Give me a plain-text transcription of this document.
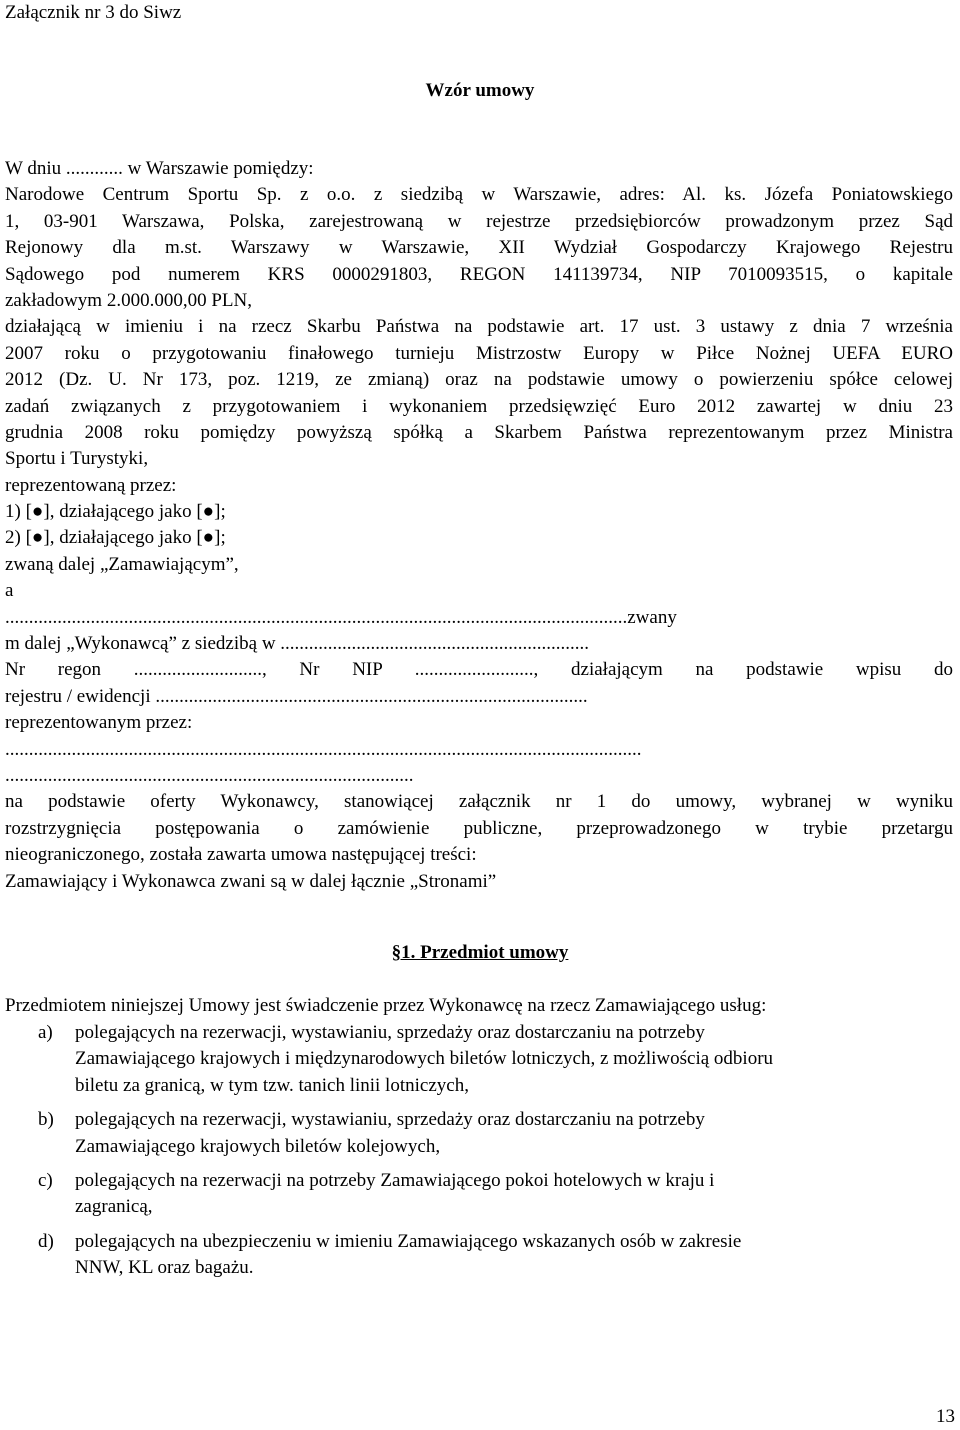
Załącznik nr 3 do Siwz
Wzór umowy
W dniu ............ w Warszawie pomiędzy:
Narodowe Centrum Sportu Sp. z o.o. z siedzibą w Warszawie, adres: Al. ks. Józefa Poniatowskiego
1, 03-901 Warszawa, Polska, zarejestrowaną w rejestrze przedsiębiorców prowadzonym przez Sąd
Rejonowy dla m.st. Warszawy w Warszawie, XII Wydział Gospodarczy Krajowego Rejestru
Sądowego pod numerem KRS 0000291803, REGON 141139734, NIP 7010093515, o kapitale
zakładowym 2.000.000,00 PLN,
działającą w imieniu i na rzecz Skarbu Państwa na podstawie art. 17 ust. 3 ustawy z dnia 7 września
2007 roku o przygotowaniu finałowego turnieju Mistrzostw Europy w Piłce Nożnej UEFA EURO
2012 (Dz. U. Nr 173, poz. 1219, ze zmianą) oraz na podstawie umowy o powierzeniu spółce celowej
zadań związanych z przygotowaniem i wykonaniem przedsięwzięć Euro 2012 zawartej w dniu 23
grudnia 2008 roku pomiędzy powyższą spółką a Skarbem Państwa reprezentowanym przez Ministra
Sportu i Turystyki,
reprezentowaną przez:
1) [●], działającego jako [●];
2) [●], działającego jako [●];
zwaną dalej „Zamawiającym”,
a
...................................................................................................................................zwany
m dalej „Wykonawcą” z siedzibą w .................................................................
Nr regon ..........................., Nr NIP ........................., działającym na podstawie wpisu do
rejestru / ewidencji ...........................................................................................
reprezentowanym przez:
......................................................................................................................................
......................................................................................
na podstawie oferty Wykonawcy, stanowiącej załącznik nr 1 do umowy, wybranej w wyniku
rozstrzygnięcia postępowania o zamówienie publiczne, przeprowadzonego w trybie przetargu
nieograniczonego, została zawarta umowa następującej treści:
Zamawiający i Wykonawca zwani są w dalej łącznie „Stronami”
§1. Przedmiot umowy
Przedmiotem niniejszej Umowy jest świadczenie przez Wykonawcę na rzecz Zamawiającego usług:
a) polegających na rezerwacji, wystawianiu, sprzedaży oraz dostarczaniu na potrzeby
Zamawiającego krajowych i międzynarodowych biletów lotniczych, z możliwością odbioru
biletu za granicą, w tym tzw. tanich linii lotniczych,
b) polegających na rezerwacji, wystawianiu, sprzedaży oraz dostarczaniu na potrzeby
Zamawiającego krajowych biletów kolejowych,
c) polegających na rezerwacji na potrzeby Zamawiającego pokoi hotelowych w kraju i
zagranicą,
d) polegających na ubezpieczeniu w imieniu Zamawiającego wskazanych osób w zakresie
NNW, KL oraz bagażu.
13
